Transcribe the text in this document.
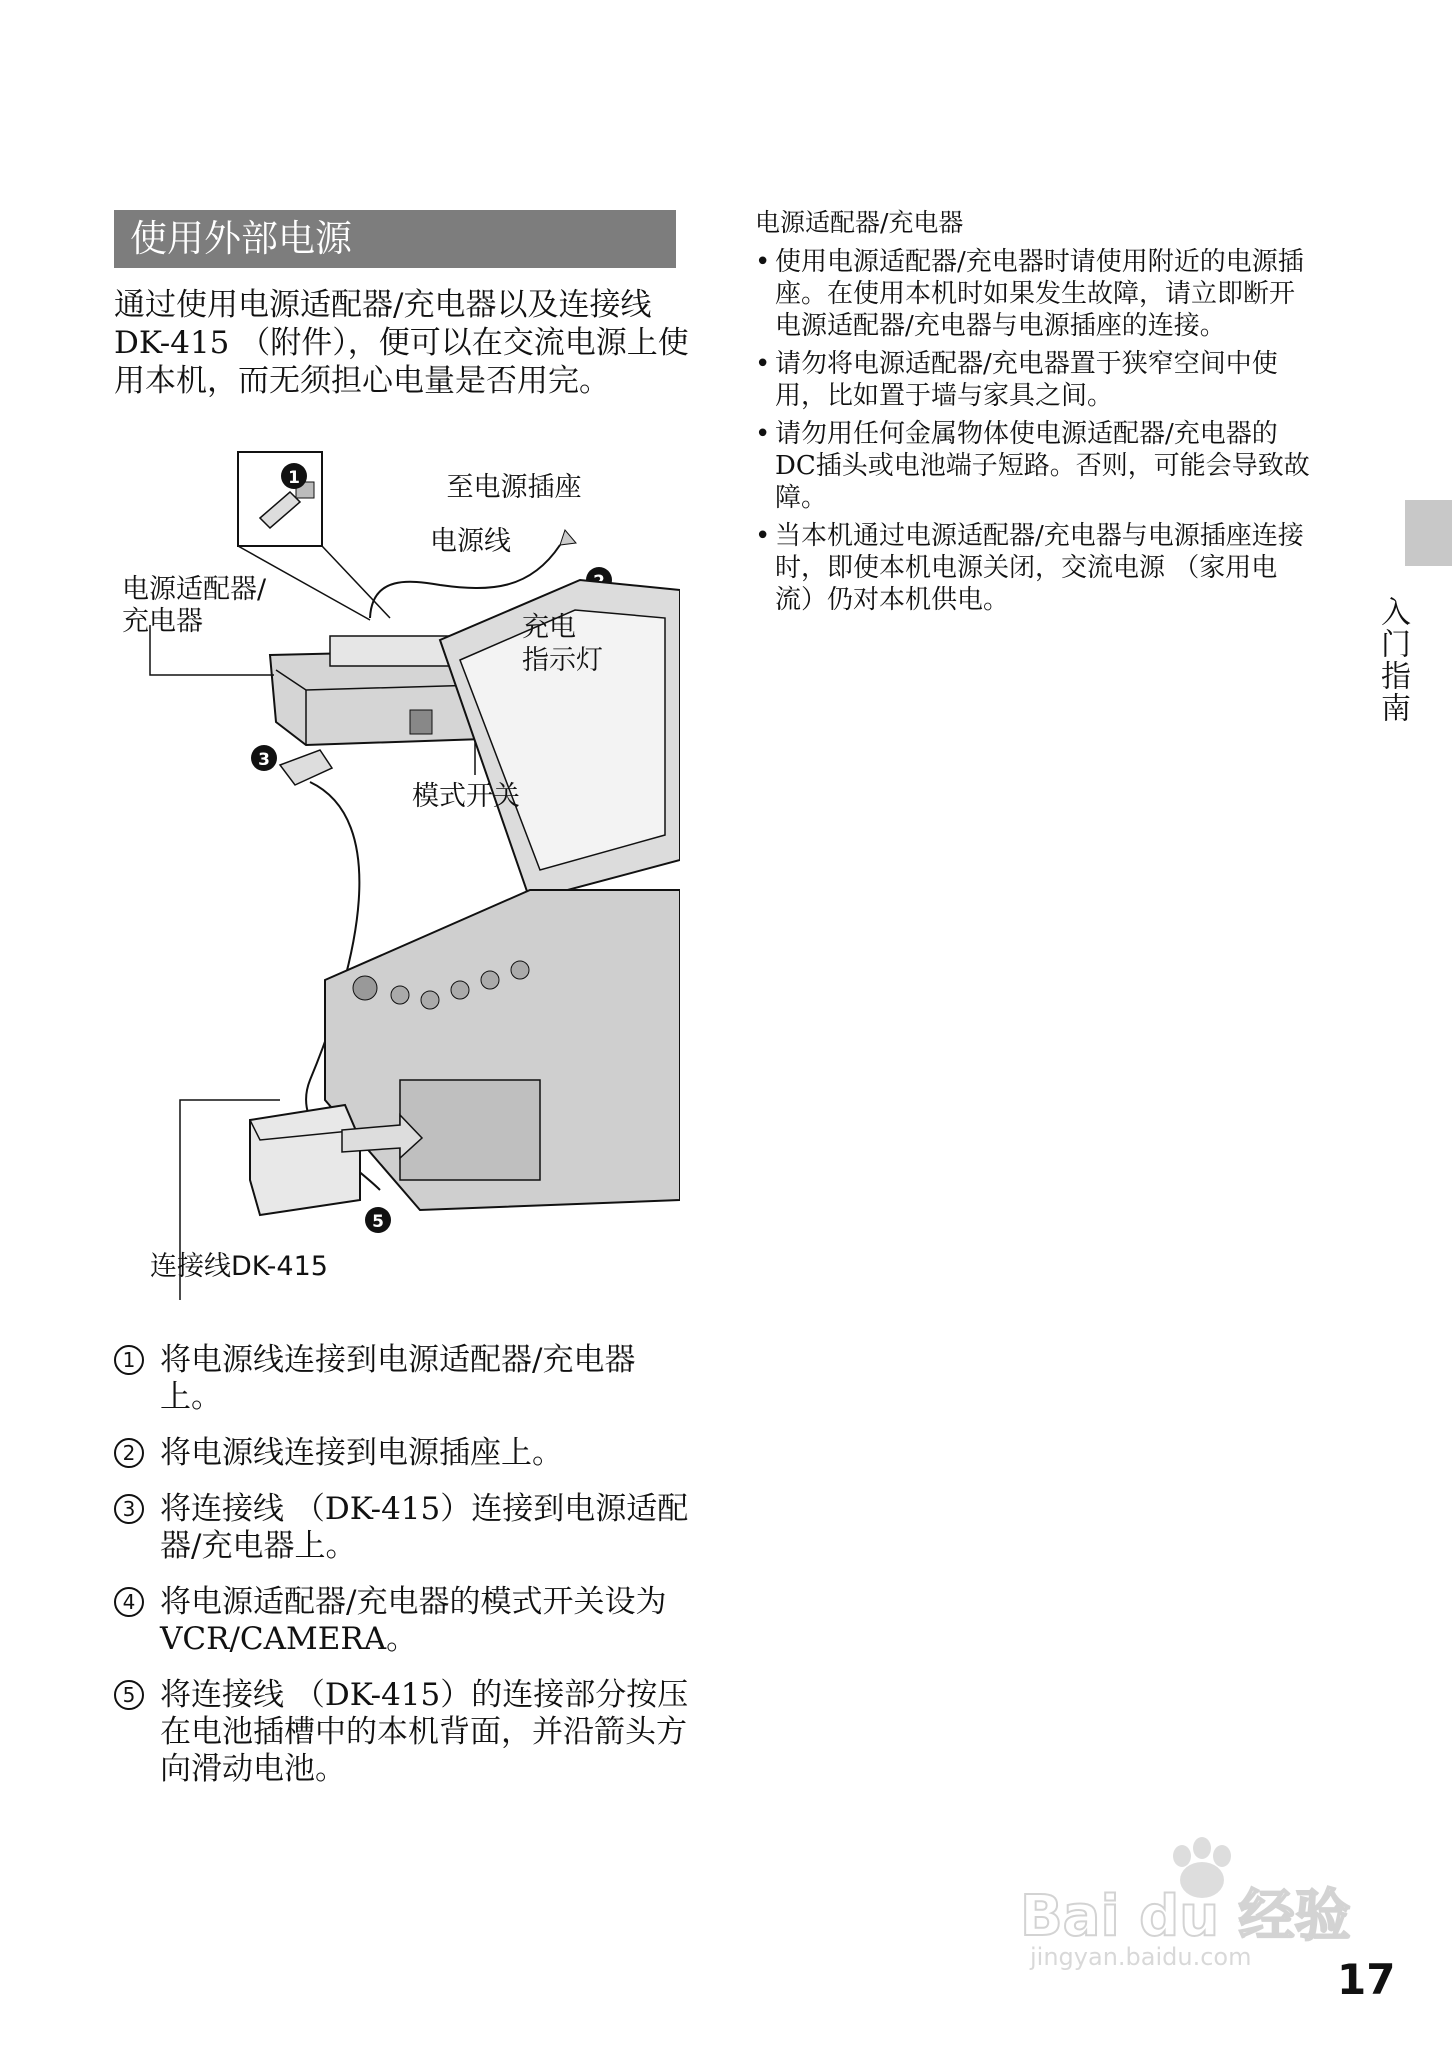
使用外部电源

通过使用电源适配器/充电器以及连接线DK-415 （附件），便可以在交流电源上使用本机，而无须担心电量是否用完。

1
3
5
至电源插座
电源线
电源适配器/
充电器	充电
指示灯
模式开关
连接线DK-415
1 将电源线连接到电源适配器/充电器上。
2 将电源线连接到电源插座上。
3 将连接线 （DK-415）连接到电源适配器/充电器上。
4 将电源适配器/充电器的模式开关设为VCR/CAMERA。
5 将连接线 （DK-415）的连接部分按压在电池插槽中的本机背面，并沿箭头方向滑动电池。
电源适配器/充电器
• 使用电源适配器/充电器时请使用附近的电源插座。在使用本机时如果发生故障，请立即断开电源适配器/充电器与电源插座的连接。
• 请勿将电源适配器/充电器置于狭窄空间中使用，比如置于墙与家具之间。
• 请勿用任何金属物体使电源适配器/充电器的DC插头或电池端子短路。否则，可能会导致故障。
• 当本机通过电源适配器/充电器与电源插座连接时，即使本机电源关闭，交流电源 （家用电流）仍对本机供电。	入门指南
Bai du 经验
jingyan.baidu.com 17
